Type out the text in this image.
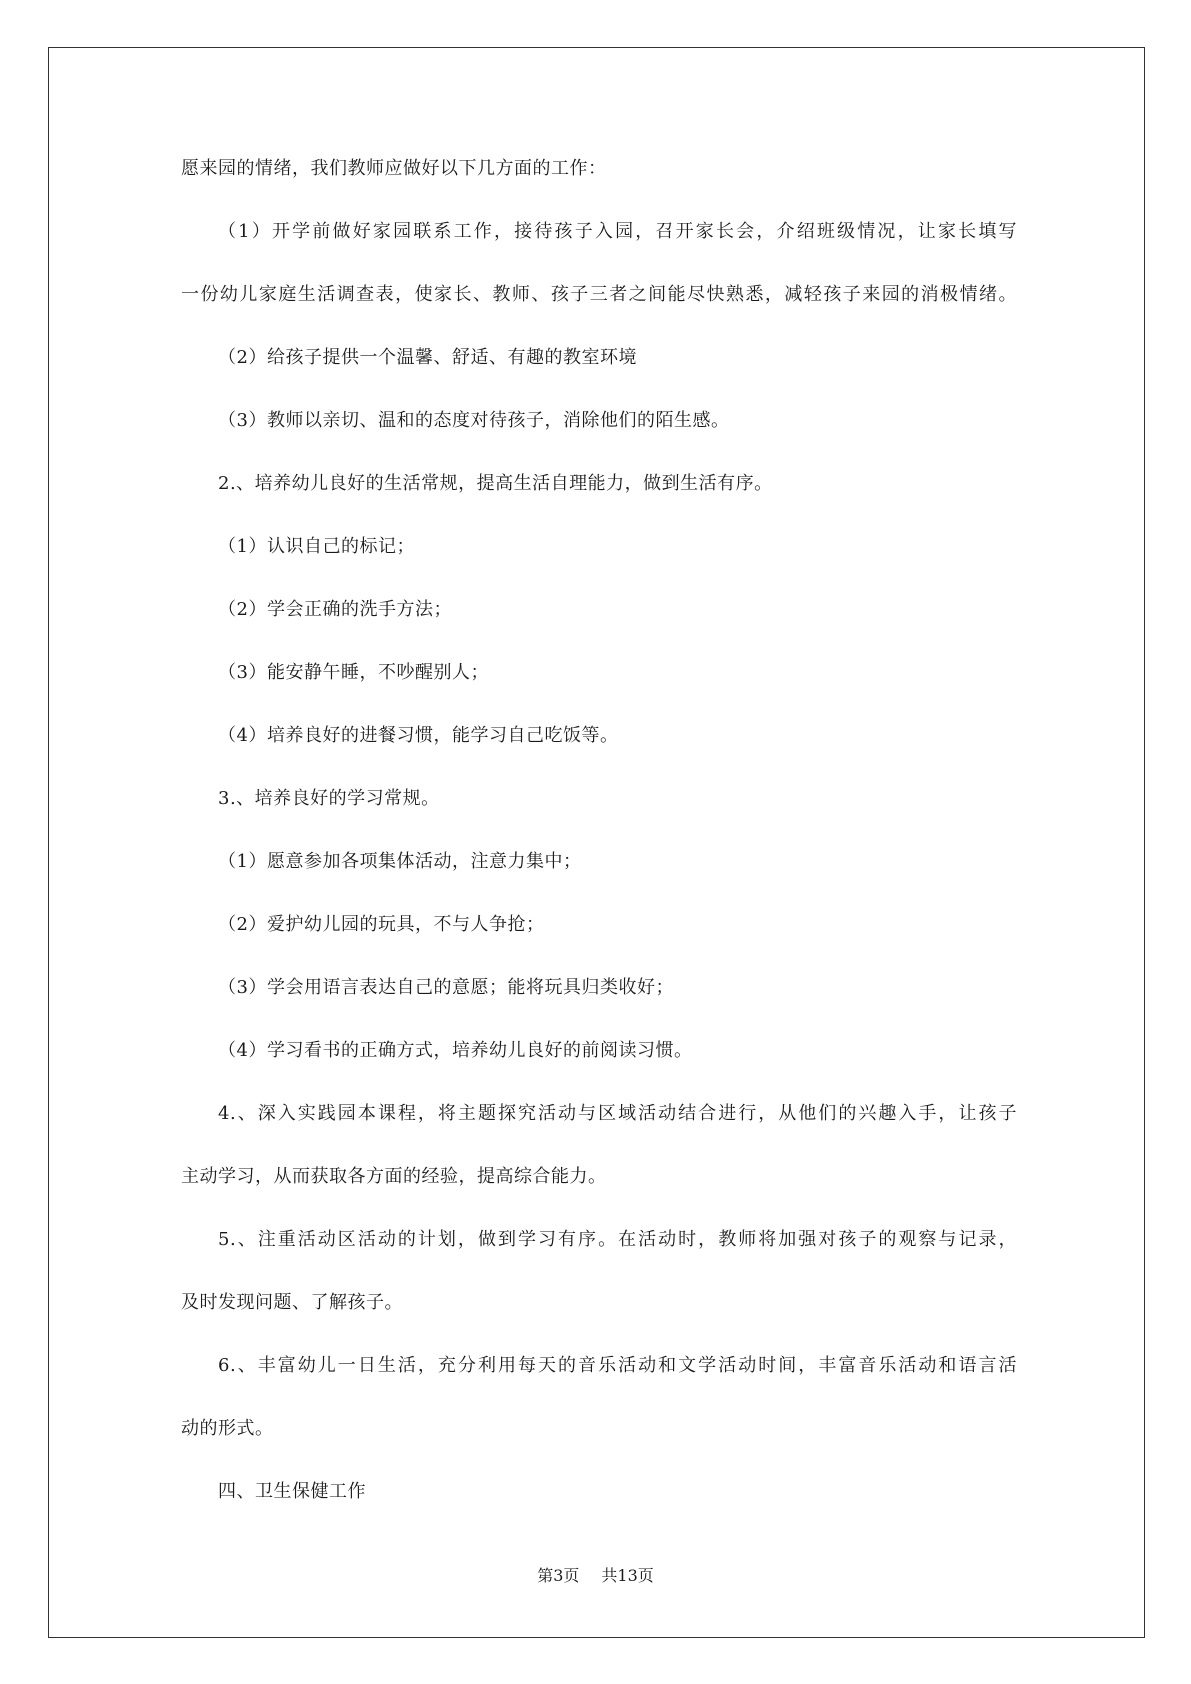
愿来园的情绪，我们教师应做好以下几方面的工作：
（1）开学前做好家园联系工作，接待孩子入园，召开家长会，介绍班级情况，让家长填写
一份幼儿家庭生活调查表，使家长、教师、孩子三者之间能尽快熟悉，减轻孩子来园的消极情绪。
（2）给孩子提供一个温馨、舒适、有趣的教室环境
（3）教师以亲切、温和的态度对待孩子，消除他们的陌生感。
2.、培养幼儿良好的生活常规，提高生活自理能力，做到生活有序。
（1）认识自己的标记；
（2）学会正确的洗手方法；
（3）能安静午睡，不吵醒别人；
（4）培养良好的进餐习惯，能学习自己吃饭等。
3.、培养良好的学习常规。
（1）愿意参加各项集体活动，注意力集中；
（2）爱护幼儿园的玩具，不与人争抢；
（3）学会用语言表达自己的意愿；能将玩具归类收好；
（4）学习看书的正确方式，培养幼儿良好的前阅读习惯。
4.、深入实践园本课程，将主题探究活动与区域活动结合进行，从他们的兴趣入手，让孩子
主动学习，从而获取各方面的经验，提高综合能力。
5.、注重活动区活动的计划，做到学习有序。在活动时，教师将加强对孩子的观察与记录，
及时发现问题、了解孩子。
6.、丰富幼儿一日生活，充分利用每天的音乐活动和文学活动时间，丰富音乐活动和语言活
动的形式。
四、卫生保健工作
第3页 共13页
